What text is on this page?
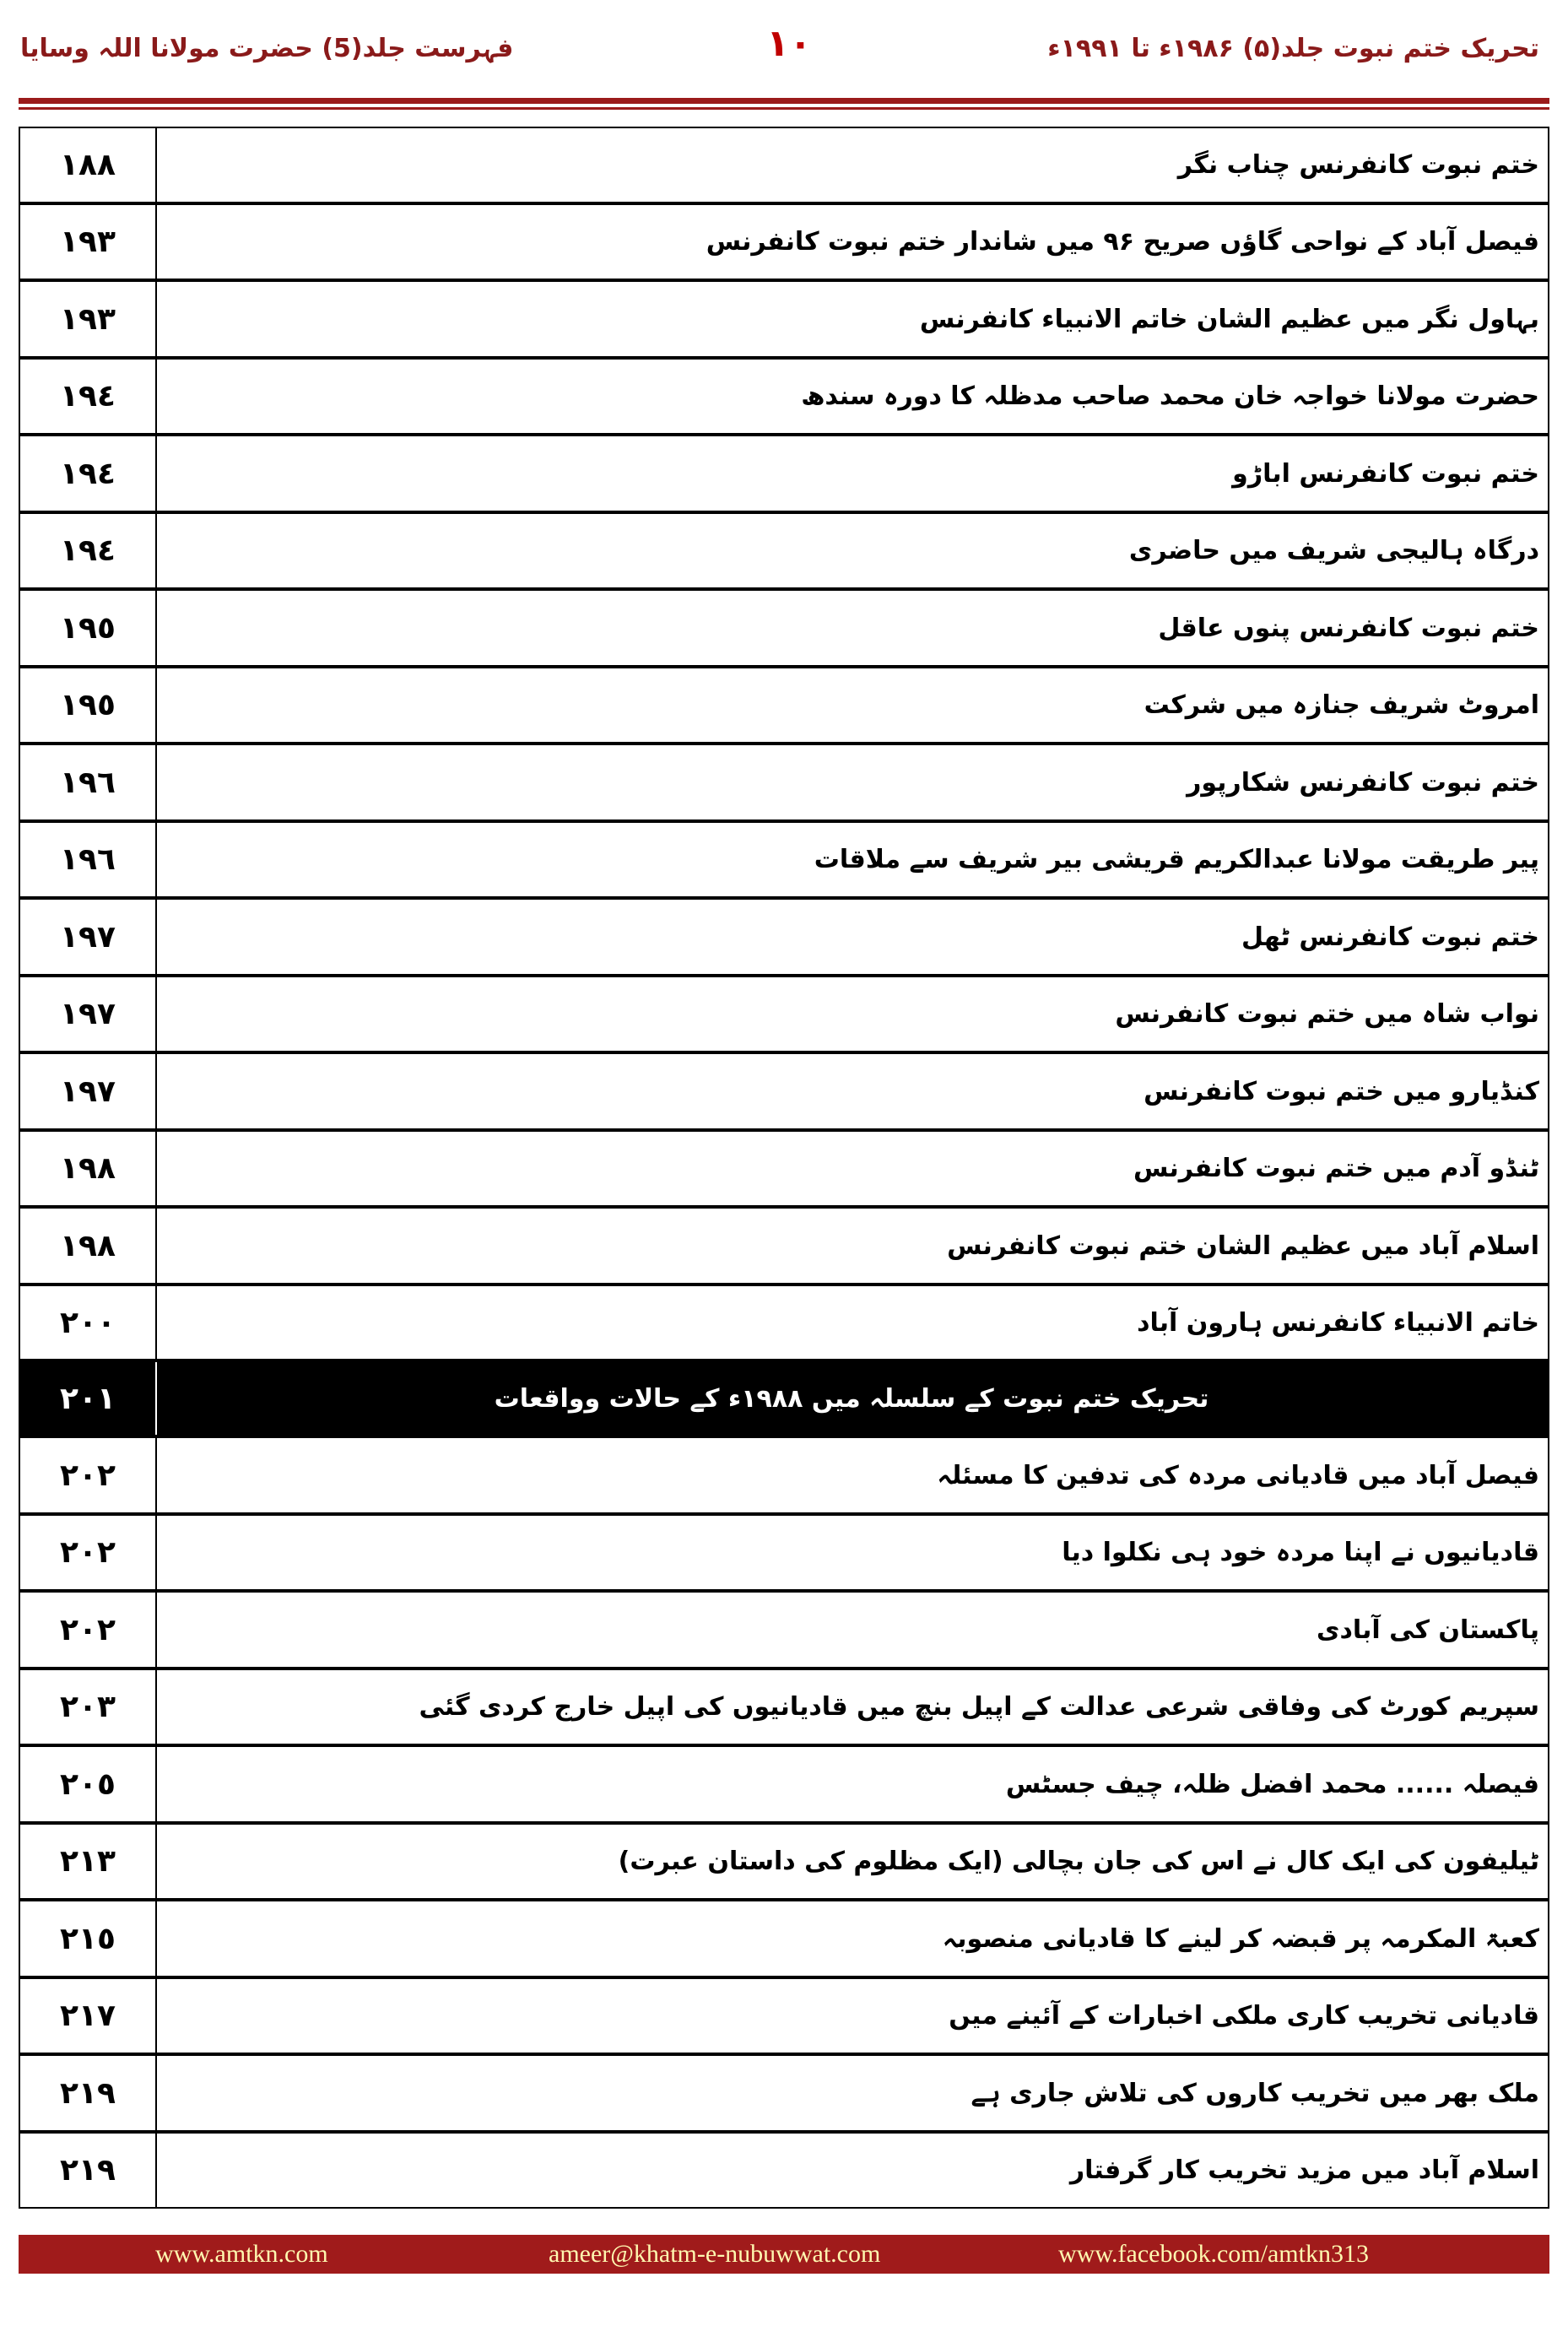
تحریک ختم نبوت جلد(۵) ۱۹۸۶ء تا ۱۹۹۱ء
١٠
فہرست جلد(5) حضرت مولانا اللہ وسایا
١٨٨	ختم نبوت کانفرنس چناب نگر
١٩٣	فیصل آباد کے نواحی گاؤں صریح ۹۶ میں شاندار ختم نبوت کانفرنس
١٩٣	بہاول نگر میں عظیم الشان خاتم الانبیاء کانفرنس
١٩٤	حضرت مولانا خواجہ خان محمد صاحب مدظلہ کا دورہ سندھ
١٩٤	ختم نبوت کانفرنس اباڑو
١٩٤	درگاہ ہالیجی شریف میں حاضری
١٩٥	ختم نبوت کانفرنس پنوں عاقل
١٩٥	امروٹ شریف جنازہ میں شرکت
١٩٦	ختم نبوت کانفرنس شکارپور
١٩٦	پیر طریقت مولانا عبدالکریم قریشی بیر شریف سے ملاقات
١٩٧	ختم نبوت کانفرنس ٹھل
١٩٧	نواب شاہ میں ختم نبوت کانفرنس
١٩٧	کنڈیارو میں ختم نبوت کانفرنس
١٩٨	ٹنڈو آدم میں ختم نبوت کانفرنس
١٩٨	اسلام آباد میں عظیم الشان ختم نبوت کانفرنس
٢٠٠	خاتم الانبیاء کانفرنس ہارون آباد
٢٠١	تحریک ختم نبوت کے سلسلہ میں ۱۹۸۸ء کے حالات وواقعات
٢٠٢	فیصل آباد میں قادیانی مردہ کی تدفین کا مسئلہ
٢٠٢	قادیانیوں نے اپنا مردہ خود ہی نکلوا دیا
٢٠٢	پاکستان کی آبادی
٢٠٣	سپریم کورٹ کی وفاقی شرعی عدالت کے اپیل بنچ میں قادیانیوں کی اپیل خارج کردی گئی
٢٠٥	فیصلہ ...... محمد افضل ظلہ، چیف جسٹس
٢١٣	ٹیلیفون کی ایک کال نے اس کی جان بچالی (ایک مظلوم کی داستان عبرت)
٢١٥	کعبۃ المکرمہ پر قبضہ کر لینے کا قادیانی منصوبہ
٢١٧	قادیانی تخریب کاری ملکی اخبارات کے آئینے میں
٢١٩	ملک بھر میں تخریب کاروں کی تلاش جاری ہے
٢١٩	اسلام آباد میں مزید تخریب کار گرفتار
www.amtkn.com	ameer@khatm-e-nubuwwat.com	www.facebook.com/amtkn313
